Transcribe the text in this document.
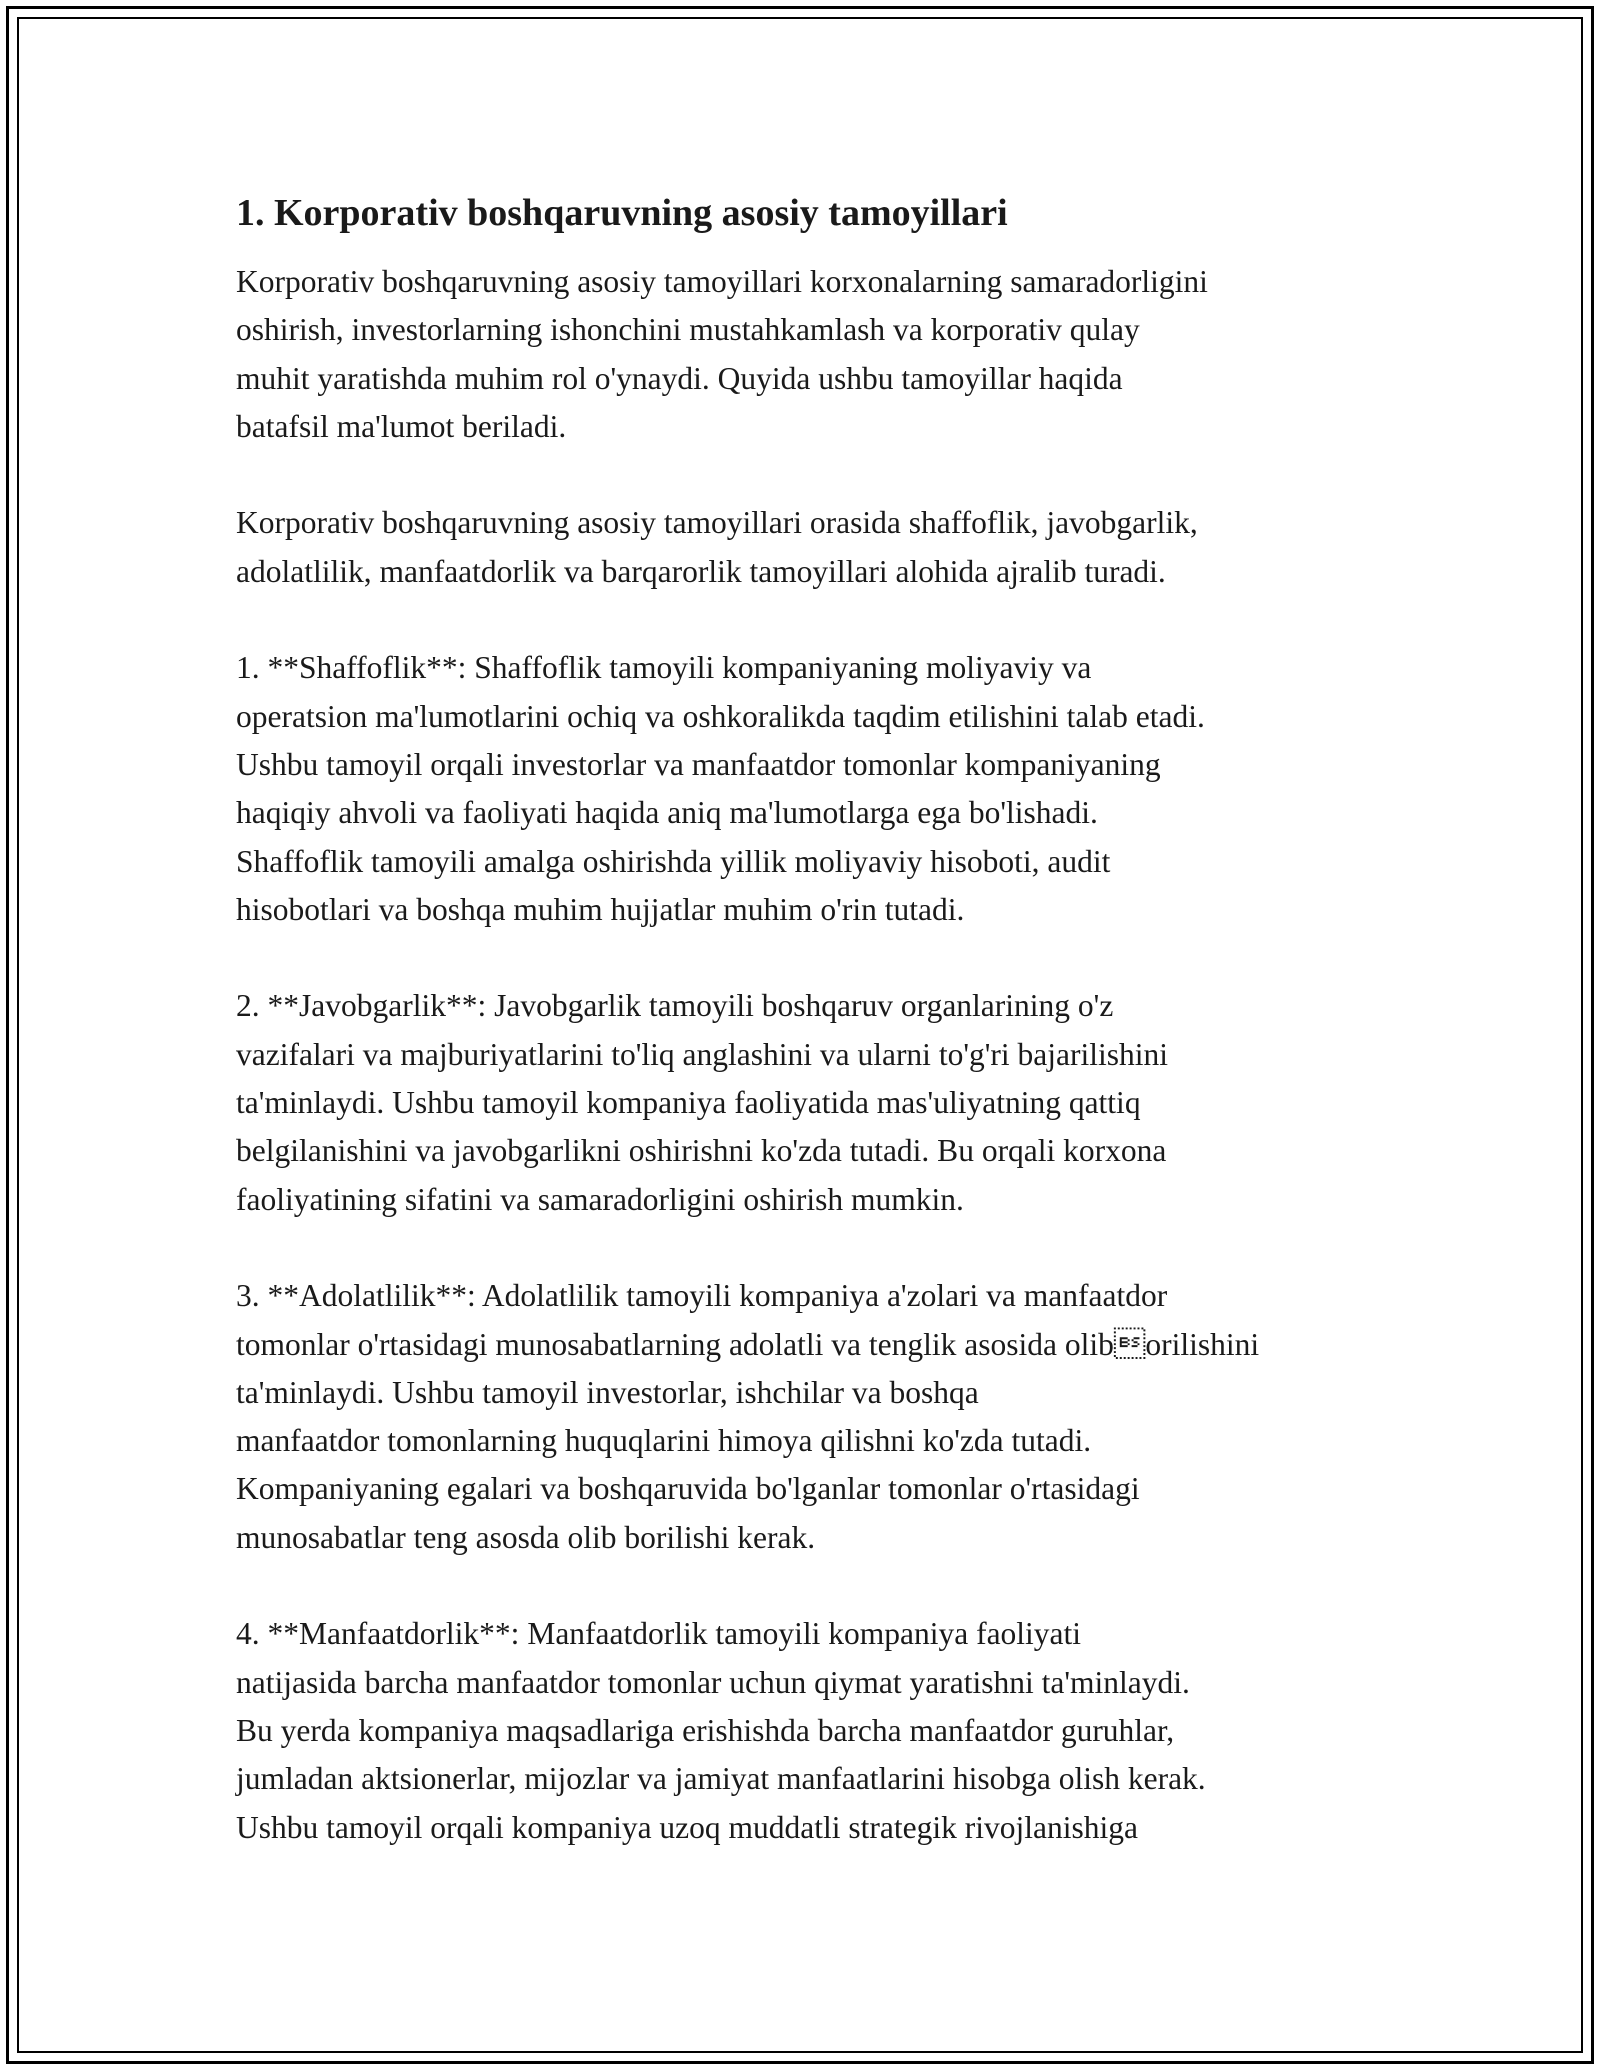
1. Korporativ boshqaruvning asosiy tamoyillari

Korporativ boshqaruvning asosiy tamoyillari korxonalarning samaradorligini
oshirish, investorlarning ishonchini mustahkamlash va korporativ qulay
muhit yaratishda muhim rol o'ynaydi. Quyida ushbu tamoyillar haqida
batafsil ma'lumot beriladi.

Korporativ boshqaruvning asosiy tamoyillari orasida shaffoflik, javobgarlik,
adolatlilik, manfaatdorlik va barqarorlik tamoyillari alohida ajralib turadi.

1. **Shaffoflik**: Shaffoflik tamoyili kompaniyaning moliyaviy va
operatsion ma'lumotlarini ochiq va oshkoralikda taqdim etilishini talab etadi.
Ushbu tamoyil orqali investorlar va manfaatdor tomonlar kompaniyaning
haqiqiy ahvoli va faoliyati haqida aniq ma'lumotlarga ega bo'lishadi.
Shaffoflik tamoyili amalga oshirishda yillik moliyaviy hisoboti, audit
hisobotlari va boshqa muhim hujjatlar muhim o'rin tutadi.

2. **Javobgarlik**: Javobgarlik tamoyili boshqaruv organlarining o'z
vazifalari va majburiyatlarini to'liq anglashini va ularni to'g'ri bajarilishini
ta'minlaydi. Ushbu tamoyil kompaniya faoliyatida mas'uliyatning qattiq
belgilanishini va javobgarlikni oshirishni ko'zda tutadi. Bu orqali korxona
faoliyatining sifatini va samaradorligini oshirish mumkin.

3. **Adolatlilik**: Adolatlilik tamoyili kompaniya a'zolari va manfaatdor
tomonlar o'rtasidagi munosabatlarning adolatli va tenglik asosida oliborilishini ta'minlaydi. Ushbu tamoyil investorlar, ishchilar va boshqa
manfaatdor tomonlarning huquqlarini himoya qilishni ko'zda tutadi.
Kompaniyaning egalari va boshqaruvida bo'lganlar tomonlar o'rtasidagi
munosabatlar teng asosda olib borilishi kerak.

4. **Manfaatdorlik**: Manfaatdorlik tamoyili kompaniya faoliyati
natijasida barcha manfaatdor tomonlar uchun qiymat yaratishni ta'minlaydi.
Bu yerda kompaniya maqsadlariga erishishda barcha manfaatdor guruhlar,
jumladan aktsionerlar, mijozlar va jamiyat manfaatlarini hisobga olish kerak.
Ushbu tamoyil orqali kompaniya uzoq muddatli strategik rivojlanishiga
